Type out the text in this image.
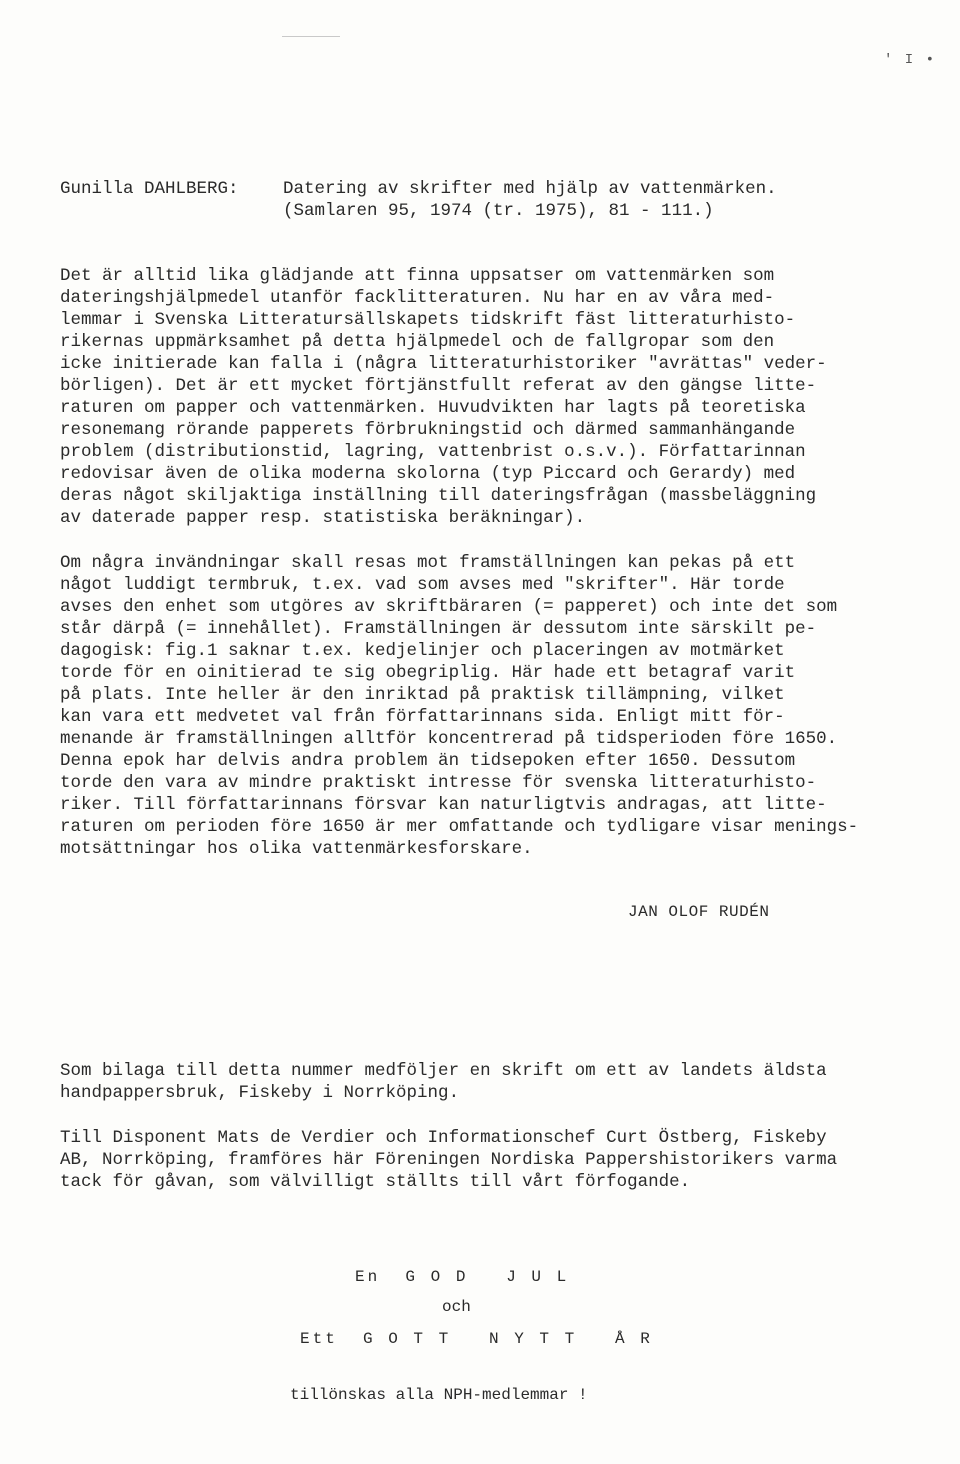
' I •
Gunilla DAHLBERG:	Datering av skrifter med hjälp av vattenmärken.
(Samlaren 95, 1974 (tr. 1975), 81 - 111.)
Det är alltid lika glädjande att finna uppsatser om vattenmärken som
dateringshjälpmedel utanför facklitteraturen. Nu har en av våra med-
lemmar i Svenska Litteratursällskapets tidskrift fäst litteraturhisto-
rikernas uppmärksamhet på detta hjälpmedel och de fallgropar som den
icke initierade kan falla i (några litteraturhistoriker "avrättas" veder-
börligen). Det är ett mycket förtjänstfullt referat av den gängse litte-
raturen om papper och vattenmärken. Huvudvikten har lagts på teoretiska
resonemang rörande papperets förbrukningstid och därmed sammanhängande
problem (distributionstid, lagring, vattenbrist o.s.v.). Författarinnan
redovisar även de olika moderna skolorna (typ Piccard och Gerardy) med
deras något skiljaktiga inställning till dateringsfrågan (massbeläggning
av daterade papper resp. statistiska beräkningar).
Om några invändningar skall resas mot framställningen kan pekas på ett
något luddigt termbruk, t.ex. vad som avses med "skrifter". Här torde
avses den enhet som utgöres av skriftbäraren (= papperet) och inte det som
står därpå (= innehållet). Framställningen är dessutom inte särskilt pe-
dagogisk: fig.1 saknar t.ex. kedjelinjer och placeringen av motmärket
torde för en oinitierad te sig obegriplig. Här hade ett betagraf varit
på plats. Inte heller är den inriktad på praktisk tillämpning, vilket
kan vara ett medvetet val från författarinnans sida. Enligt mitt för-
menande är framställningen alltför koncentrerad på tidsperioden före 1650.
Denna epok har delvis andra problem än tidsepoken efter 1650. Dessutom
torde den vara av mindre praktiskt intresse för svenska litteraturhisto-
riker. Till författarinnans försvar kan naturligtvis andragas, att litte-
raturen om perioden före 1650 är mer omfattande och tydligare visar menings-
motsättningar hos olika vattenmärkesforskare.
JAN OLOF RUDÉN
Som bilaga till detta nummer medföljer en skrift om ett av landets äldsta
handpappersbruk, Fiskeby i Norrköping.
Till Disponent Mats de Verdier och Informationschef Curt Östberg, Fiskeby
AB, Norrköping, framföres här Föreningen Nordiska Pappershistorikers varma
tack för gåvan, som välvilligt ställts till vårt förfogande.
En  G O D   J U L
och
Ett  G O T T   N Y T T   Å R
tillönskas alla NPH-medlemmar !
